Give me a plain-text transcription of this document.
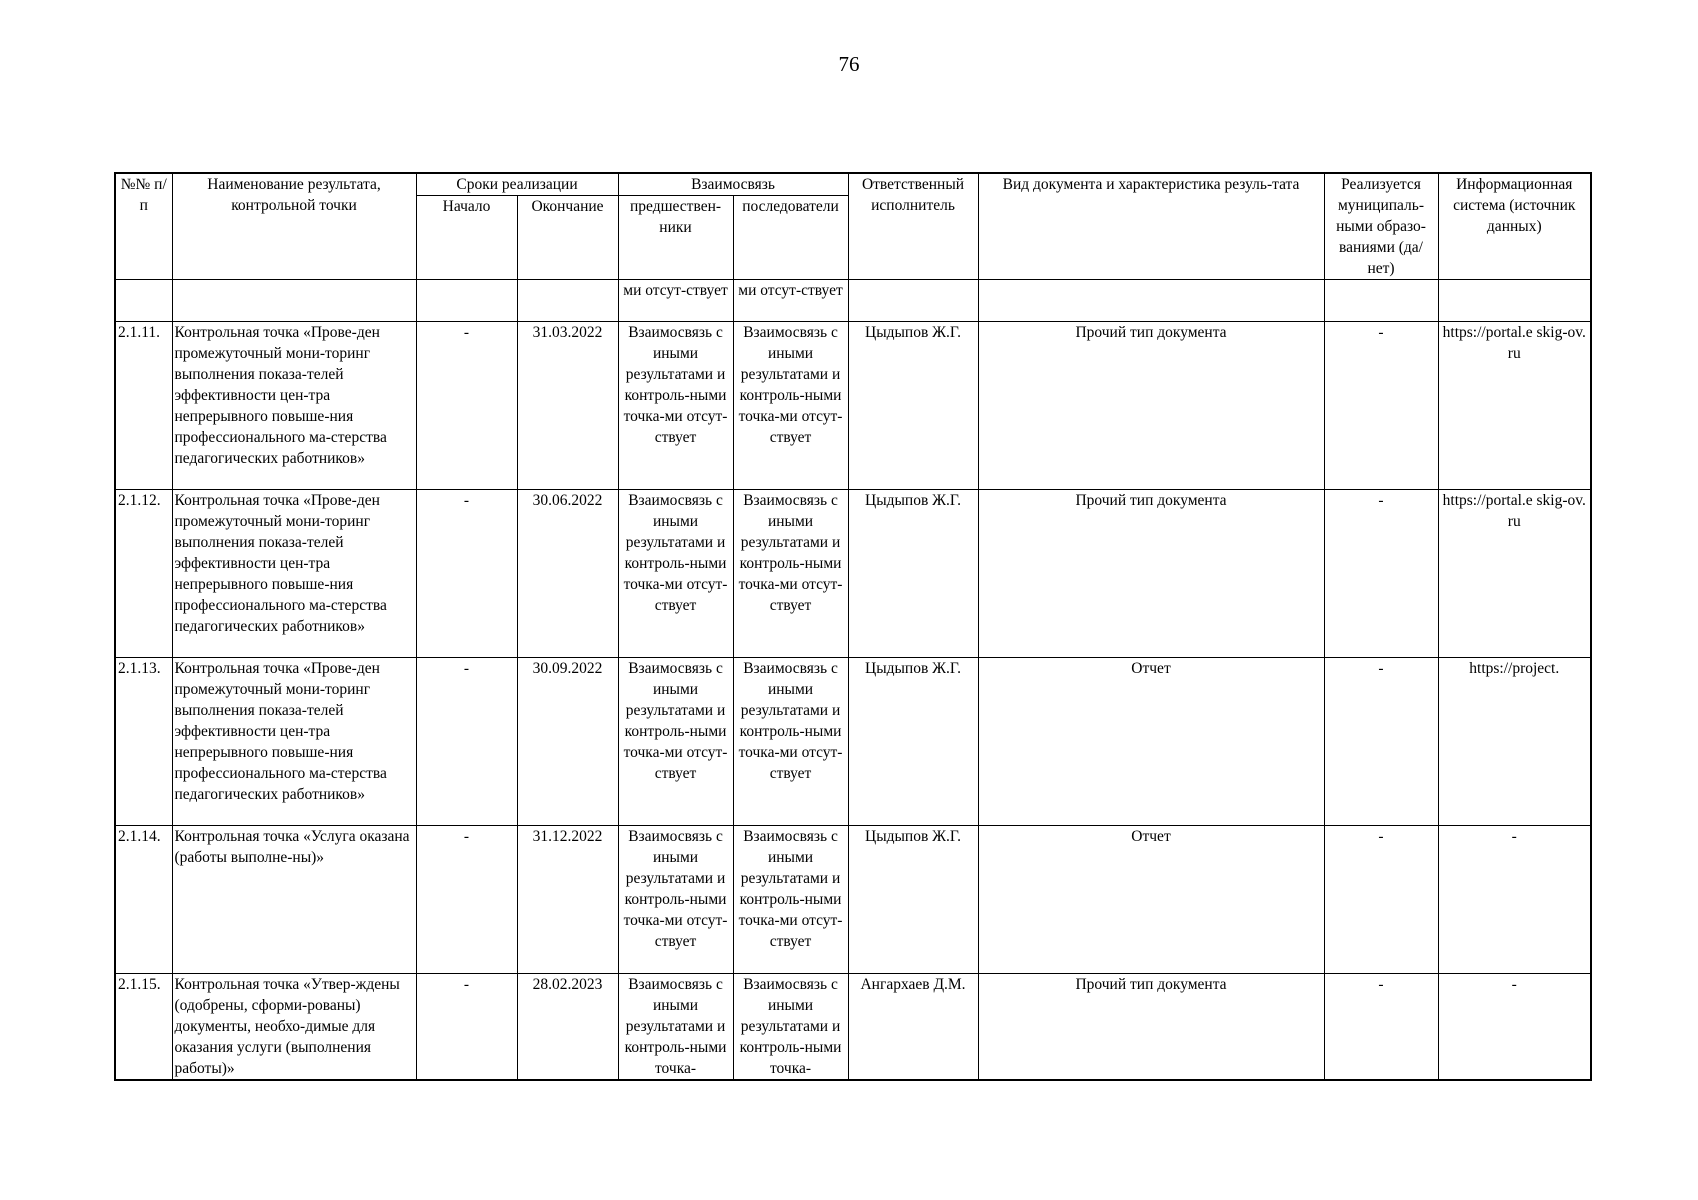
76
№№ п/п	Наименование результата, контрольной точки	Сроки реализации		Взаимосвязь		Ответственный исполнитель	Вид документа и характеристика резуль-тата	Реализуется муниципаль-ными образо-ваниями (да/нет)	Информационная система (источник данных)
		Начало	Окончание	предшествен-ники	последователи				
				ми отсут-ствует	ми отсут-ствует				
2.1.11.	Контрольная точка «Прове-ден промежуточный мони-торинг выполнения показа-телей эффективности цен-тра непрерывного повыше-ния профессионального ма-стерства педагогических работников»	-	31.03.2022	Взаимосвязь с иными результатами и контроль-ными точка-ми отсут-ствует	Взаимосвязь с иными результатами и контроль-ными точка-ми отсут-ствует	Цыдыпов Ж.Г.	Прочий тип документа	-	https://portal.e skig-ov.ru
2.1.12.	Контрольная точка «Прове-ден промежуточный мони-торинг выполнения показа-телей эффективности цен-тра непрерывного повыше-ния профессионального ма-стерства педагогических работников»	-	30.06.2022	Взаимосвязь с иными результатами и контроль-ными точка-ми отсут-ствует	Взаимосвязь с иными результатами и контроль-ными точка-ми отсут-ствует	Цыдыпов Ж.Г.	Прочий тип документа	-	https://portal.e skig-ov.ru
2.1.13.	Контрольная точка «Прове-ден промежуточный мони-торинг выполнения показа-телей эффективности цен-тра непрерывного повыше-ния профессионального ма-стерства педагогических работников»	-	30.09.2022	Взаимосвязь с иными результатами и контроль-ными точка-ми отсут-ствует	Взаимосвязь с иными результатами и контроль-ными точка-ми отсут-ствует	Цыдыпов Ж.Г.	Отчет	-	https://project.
2.1.14.	Контрольная точка «Услуга оказана (работы выполне-ны)»	-	31.12.2022	Взаимосвязь с иными результатами и контроль-ными точка-ми отсут-ствует	Взаимосвязь с иными результатами и контроль-ными точка-ми отсут-ствует	Цыдыпов Ж.Г.	Отчет	-	-
2.1.15.	Контрольная точка «Утвер-ждены (одобрены, сформи-рованы) документы, необхо-димые для оказания услуги (выполнения работы)»	-	28.02.2023	Взаимосвязь с иными результатами и контроль-ными точка-	Взаимосвязь с иными результатами и контроль-ными точка-	Ангархаев Д.М.	Прочий тип документа	-	-
